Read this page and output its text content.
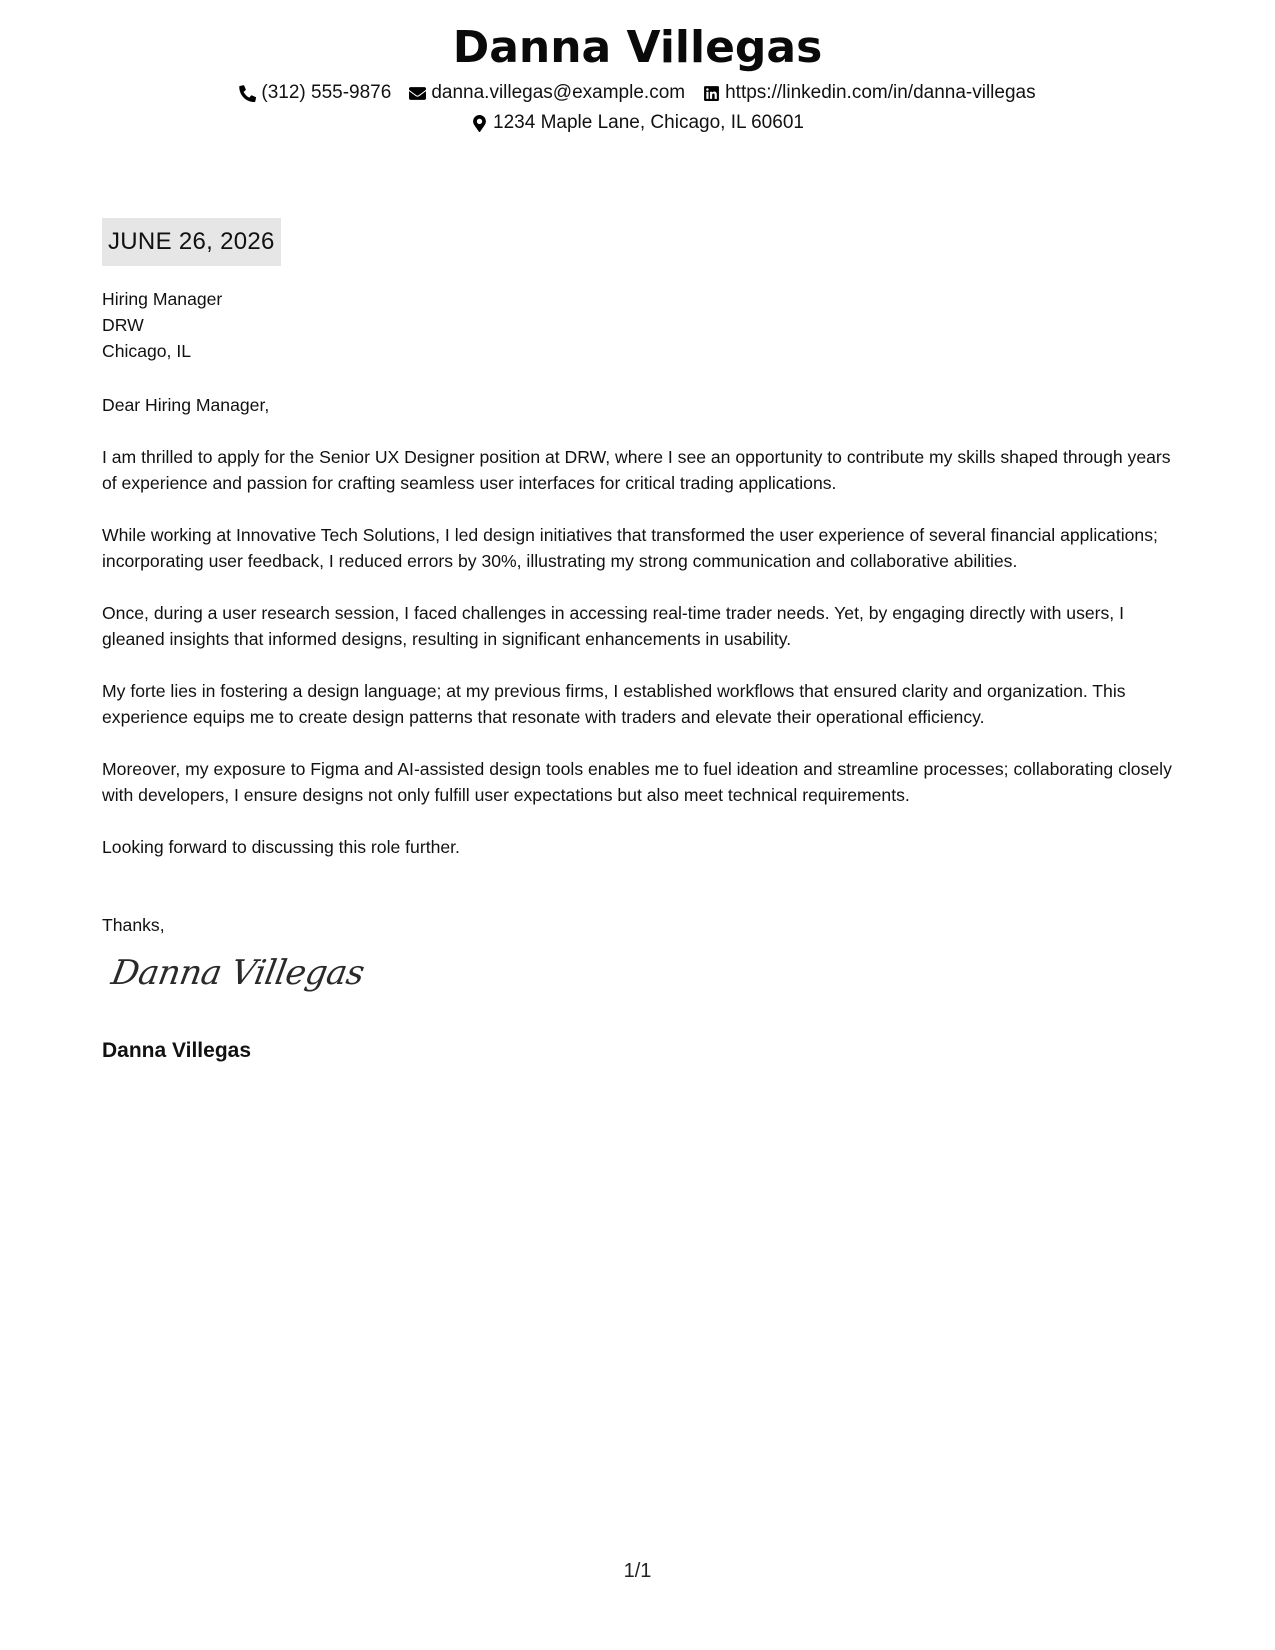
Danna Villegas
(312) 555-9876 danna.villegas@example.com https://linkedin.com/in/danna-villegas
1234 Maple Lane, Chicago, IL 60601
JUNE 26, 2026
Hiring Manager
DRW
Chicago, IL
Dear Hiring Manager,
I am thrilled to apply for the Senior UX Designer position at DRW, where I see an opportunity to contribute my skills shaped through years of experience and passion for crafting seamless user interfaces for critical trading applications.
While working at Innovative Tech Solutions, I led design initiatives that transformed the user experience of several financial applications; incorporating user feedback, I reduced errors by 30%, illustrating my strong communication and collaborative abilities.
Once, during a user research session, I faced challenges in accessing real-time trader needs. Yet, by engaging directly with users, I gleaned insights that informed designs, resulting in significant enhancements in usability.
My forte lies in fostering a design language; at my previous firms, I established workflows that ensured clarity and organization. This experience equips me to create design patterns that resonate with traders and elevate their operational efficiency.
Moreover, my exposure to Figma and AI-assisted design tools enables me to fuel ideation and streamline processes; collaborating closely with developers, I ensure designs not only fulfill user expectations but also meet technical requirements.
Looking forward to discussing this role further.
Thanks,
Danna Villegas
Danna Villegas
1/1
